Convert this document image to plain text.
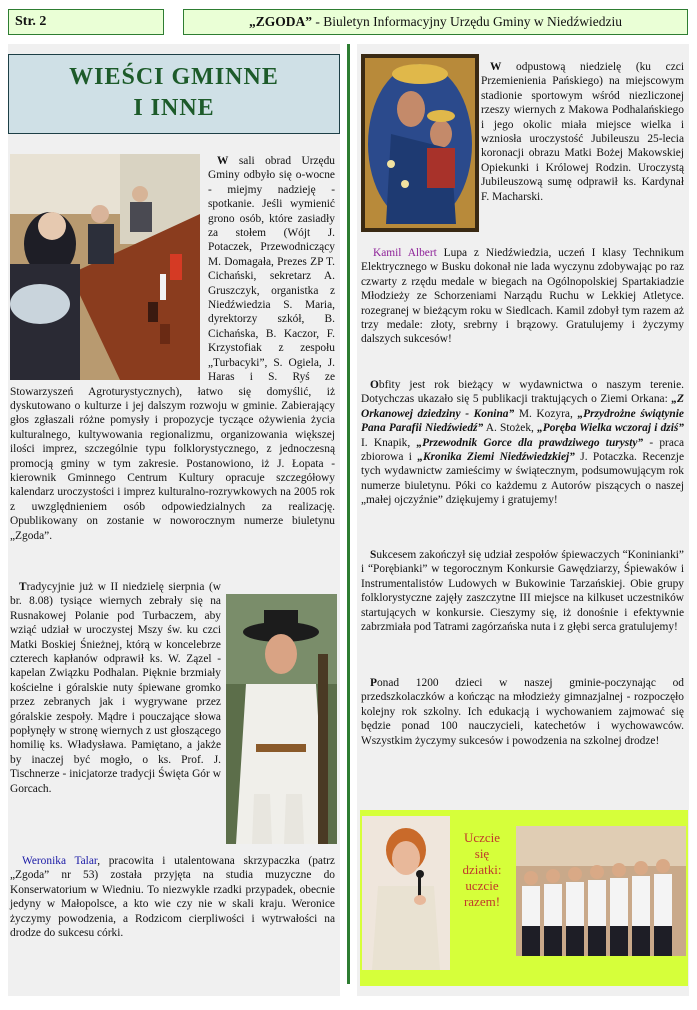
Str. 2	„ZGODA” - Biuletyn Informacyjny Urzędu Gminy w Niedźwiedziu
WIEŚCI GMINNE
I INNE

W sali obrad Urzędu Gminy odbyło się o-wocne - miejmy nadzieję - spotkanie. Jeśli wymienić grono osób, które zasiadły za stołem (Wójt J. Potaczek, Przewodniczący M. Domagała, Prezes ZP T. Cichański, sekretarz A. Gruszczyk, organistka z Niedźwiedzia S. Maria, dyrektorzy szkół, B. Cichańska, B. Kaczor, F. Krzystofiak z zespołu „Turbacyki”, S. Ogiela, J. Haras i S. Ryś ze Stowarzyszeń Agroturystycznych), łatwo się domyślić, iż dyskutowano o kulturze i jej dalszym rozwoju w gminie. Zabierający głos zgłaszali różne pomysły i propozycje tyczące ożywienia życia kulturalnego, kultywowania regionalizmu, organizowania większej ilości imprez, szczególnie typu folklorystycznego, z jednoczesną promocją gminy w tym zakresie. Postanowiono, iż J. Łopata - kierownik Gminnego Centrum Kultury opracuje szczegółowy kalendarz uroczystości i imprez kulturalno-rozrywkowych na 2005 rok z uwzględnieniem osób odpowiedzialnych za realizację. Opublikowany on zostanie w noworocznym numerze biuletynu „Zgoda”.

Tradycyjnie już w II niedzielę sierpnia (w br. 8.08) tysiące wiernych zebrały się na Rusnakowej Polanie pod Turbaczem, aby wziąć udział w uroczystej Mszy św. ku czci Matki Boskiej Śnieżnej, którą w koncelebrze czterech kapłanów odprawił ks. W. Zązel - kapelan Związku Podhalan. Pięknie brzmiały kościelne i góralskie nuty śpiewane gromko przez zebranych jak i wygrywane przez góralskie zespoły. Mądre i pouczające słowa popłynęły w stronę wiernych z ust głoszącego homilię ks. Władysława. Pamiętano, a jakże by inaczej być mogło, o ks. Prof. J. Tischnerze - inicjatorze tradycji Święta Gór w Gorcach.

Weronika Talar, pracowita i utalentowana skrzypaczka (patrz „Zgoda” nr 53) została przyjęta na studia muzyczne do Konserwatorium w Wiedniu. To niezwykle rzadki przypadek, obecnie jedyny w Małopolsce, a kto wie czy nie w skali kraju. Weronice życzymy powodzenia, a Rodzicom cierpliwości i wytrwałości na drodze do sukcesu córki.

W odpustową niedzielę (ku czci Przemienienia Pańskiego) na miejscowym stadionie sportowym wśród niezliczonej rzeszy wiernych z Makowa Podhalańskiego i jego okolic miała miejsce wielka i wzniosła uroczystość Jubileuszu 25-lecia koronacji obrazu Matki Bożej Makowskiej Opiekunki i Królowej Rodzin. Uroczystą Jubileuszową sumę odprawił ks. Kardynał F. Macharski.

Kamil Albert Lupa z Niedźwiedzia, uczeń I klasy Technikum Elektrycznego w Busku dokonał nie lada wyczynu zdobywając po raz czwarty z rzędu medale w biegach na Ogólnopolskiej Spartakiadzie Młodzieży ze Schorzeniami Narządu Ruchu w Lekkiej Atletyce. rozegranej w bieżącym roku w Siedlcach. Kamil zdobył tym razem aż trzy medale: złoty, srebrny i brązowy. Gratulujemy i życzymy dalszych sukcesów!

Obfity jest rok bieżący w wydawnictwa o naszym terenie. Dotychczas ukazało się 5 publikacji traktujących o Ziemi Orkana: „Z Orkanowej dziedziny - Konina” M. Kozyra, „Przydrożne świątynie Pana Parafii Niedźwiedź” A. Stożek, „Poręba Wielka wczoraj i dziś” I. Knapik, „Przewodnik Gorce dla prawdziwego turysty” - praca zbiorowa i „Kronika Ziemi Niedźwiedzkiej” J. Potaczka. Recenzje tych wydawnictw zamieścimy w świątecznym, podsumowującym rok numerze biuletynu. Póki co każdemu z Autorów piszących o naszej „małej ojczyźnie” dziękujemy i gratujemy!

Sukcesem zakończył się udział zespołów śpiewaczych “Koninianki” i “Porębianki” w tegorocznym Konkursie Gawędziarzy, Śpiewaków i Instrumentalistów Ludowych w Bukowinie Tarzańskiej. Obie grupy folklorystyczne zajęły zaszczytne III miejsce na kilkuset uczestników startujących w konkursie. Cieszymy się, iż donośnie i efektywnie zabrzmiała pod Tatrami zagórzańska nuta i z głębi serca gratulujemy!

Ponad 1200 dzieci w naszej gminie-poczynając od przedszkolaczków a kończąc na młodzieży gimnazjalnej - rozpoczęło kolejny rok szkolny. Ich edukacją i wychowaniem zajmować się będzie ponad 100 nauczycieli, katechetów i wychowawców. Wszystkim życzymy sukcesów i powodzenia na szkolnej drodze!

Uczcie
się
dziatki:
uczcie
razem!
